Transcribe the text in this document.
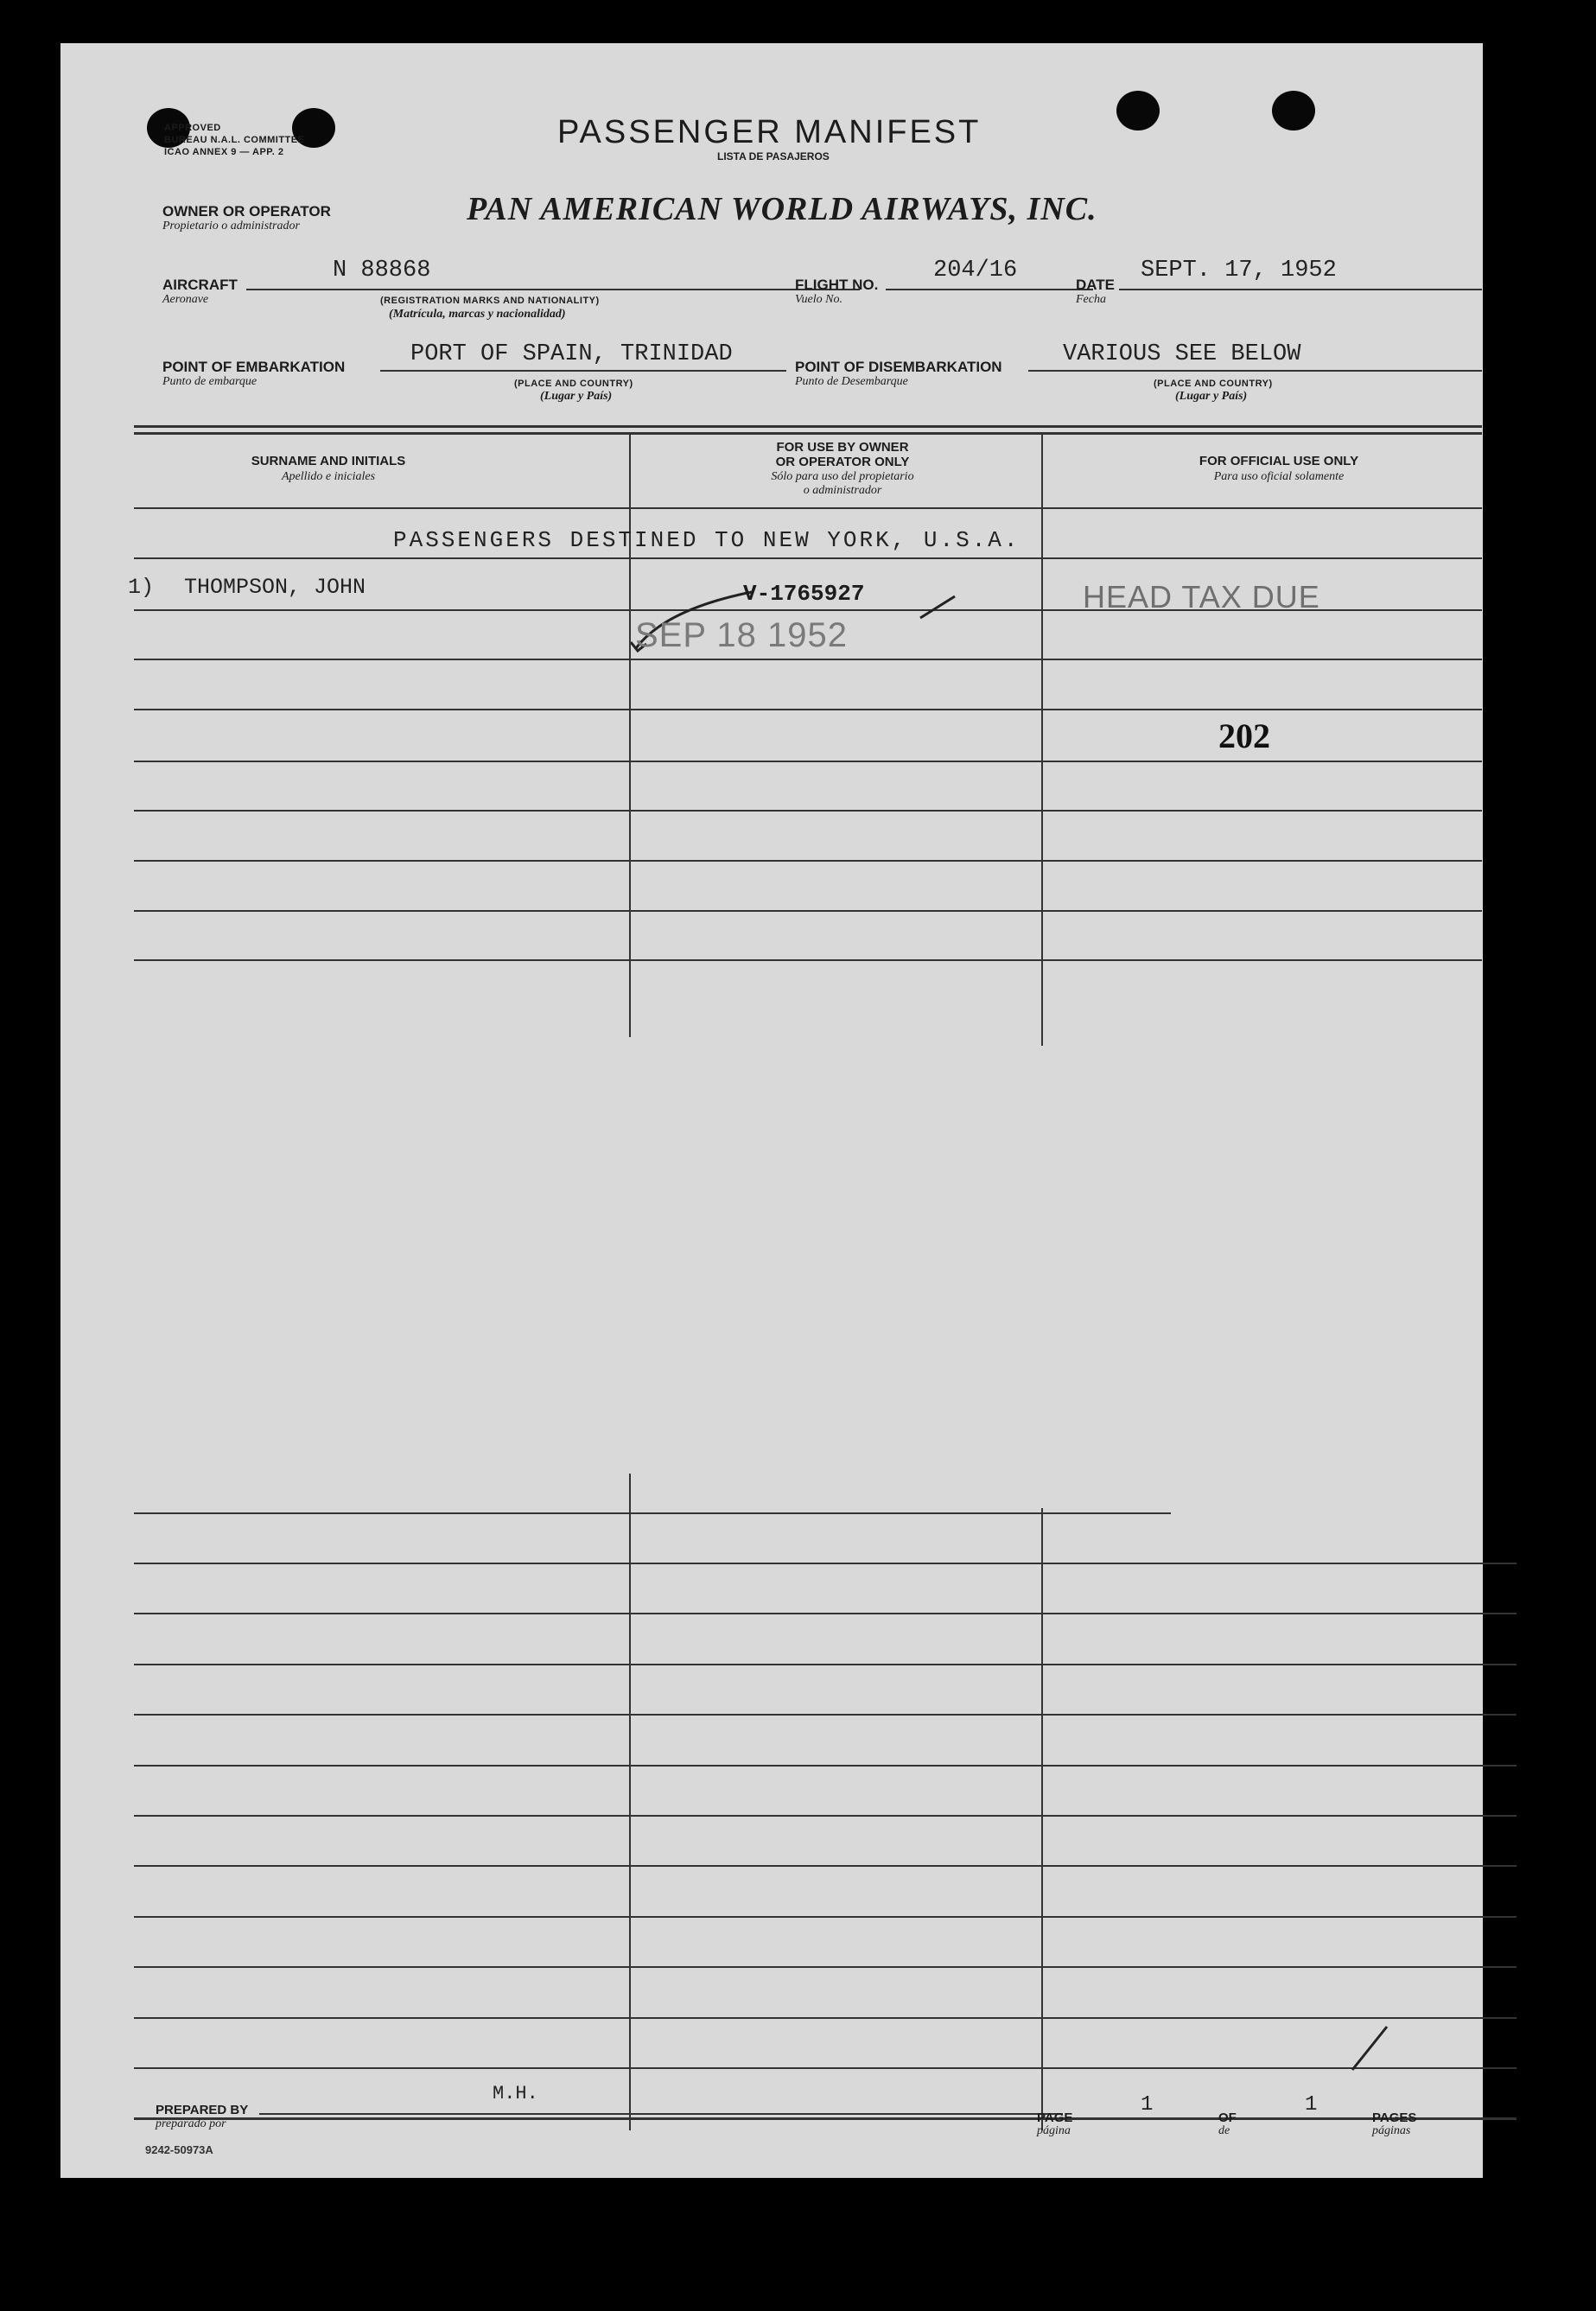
APPROVED
BUREAU N.A.L. COMMITTEE
ICAO ANNEX 9 — APP. 2
PASSENGER MANIFEST
LISTA DE PASAJEROS
OWNER OR OPERATOR
Propietario o administrador	PAN AMERICAN WORLD AIRWAYS, INC.
AIRCRAFT
Aeronave
N 88868
(REGISTRATION MARKS AND NATIONALITY)
(Matrícula, marcas y nacionalidad)
FLIGHT NO.
Vuelo No.
204/16
DATE
Fecha
SEPT. 17, 1952
POINT OF EMBARKATION
Punto de embarque
PORT OF SPAIN, TRINIDAD
(PLACE AND COUNTRY)
(Lugar y País)
POINT OF DISEMBARKATION
Punto de Desembarque
VARIOUS SEE BELOW
(PLACE AND COUNTRY)
(Lugar y País)
SURNAME AND INITIALS
Apellido e iniciales
FOR USE BY OWNER
OR OPERATOR ONLY
Sólo para uso del propietario
o administrador
FOR OFFICIAL USE ONLY
Para uso oficial solamente
PASSENGERS DESTINED TO NEW YORK, U.S.A.
1) THOMPSON, JOHN	V-1765927
SEP 18 1952
HEAD TAX DUE
202
PREPARED BY
preparado por
M.H.
PAGE
página
1
OF
de
1
PAGES
páginas
9242-50973A
